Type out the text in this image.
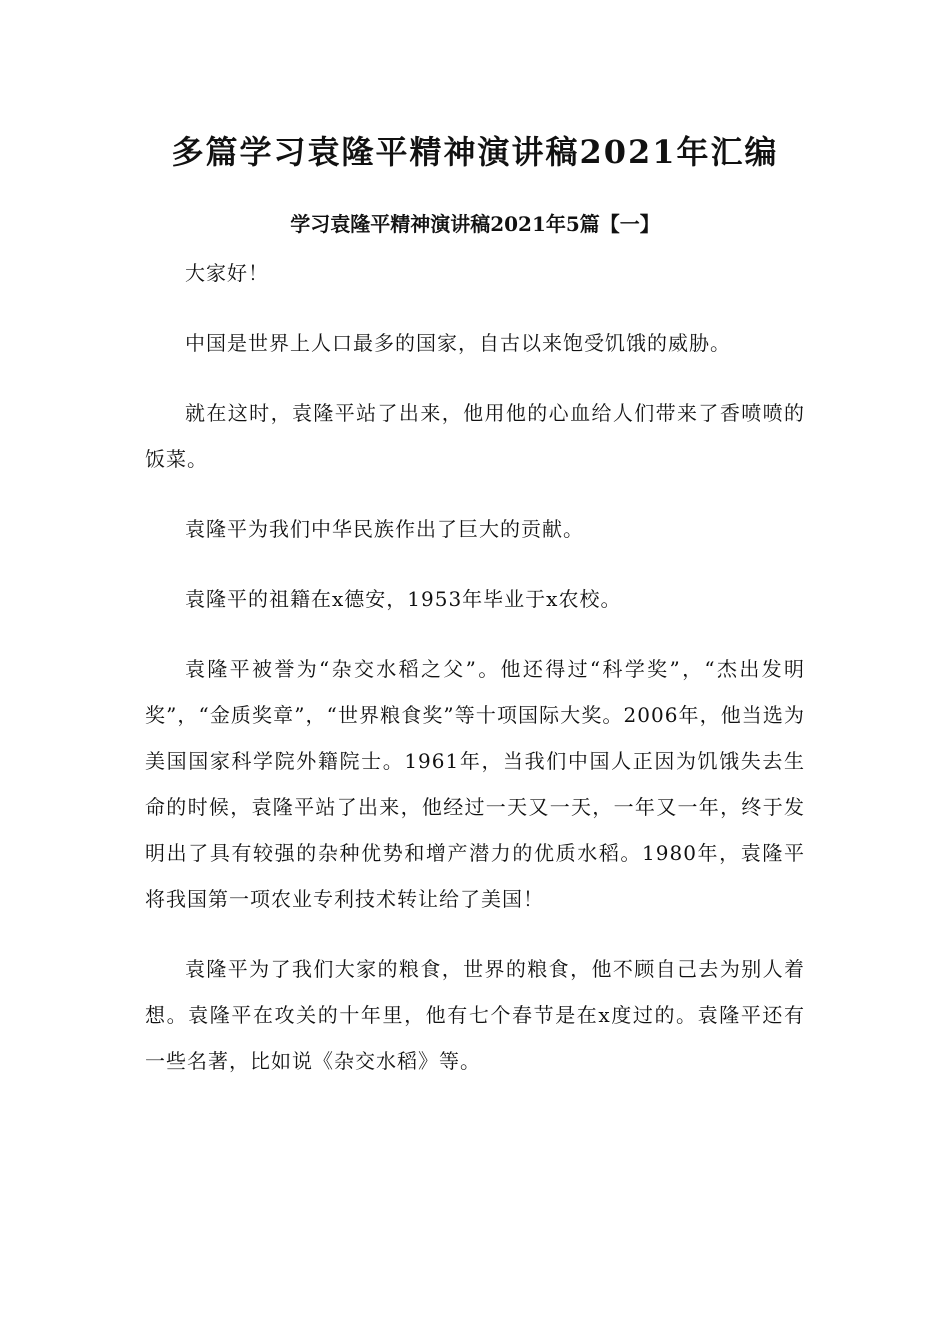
多篇学习袁隆平精神演讲稿2021年汇编
学习袁隆平精神演讲稿2021年5篇【一】

大家好！

中国是世界上人口最多的国家，自古以来饱受饥饿的威胁。

就在这时，袁隆平站了出来，他用他的心血给人们带来了香喷喷的饭菜。

袁隆平为我们中华民族作出了巨大的贡献。

袁隆平的祖籍在x德安，1953年毕业于x农校。

袁隆平被誉为“杂交水稻之父”。他还得过“科学奖”，“杰出发明奖”，“金质奖章”，“世界粮食奖”等十项国际大奖。2006年，他当选为美国国家科学院外籍院士。1961年，当我们中国人正因为饥饿失去生命的时候，袁隆平站了出来，他经过一天又一天，一年又一年，终于发明出了具有较强的杂种优势和增产潜力的优质水稻。1980年，袁隆平将我国第一项农业专利技术转让给了美国！

袁隆平为了我们大家的粮食，世界的粮食，他不顾自己去为别人着想。袁隆平在攻关的十年里，他有七个春节是在x度过的。袁隆平还有一些名著，比如说《杂交水稻》等。
